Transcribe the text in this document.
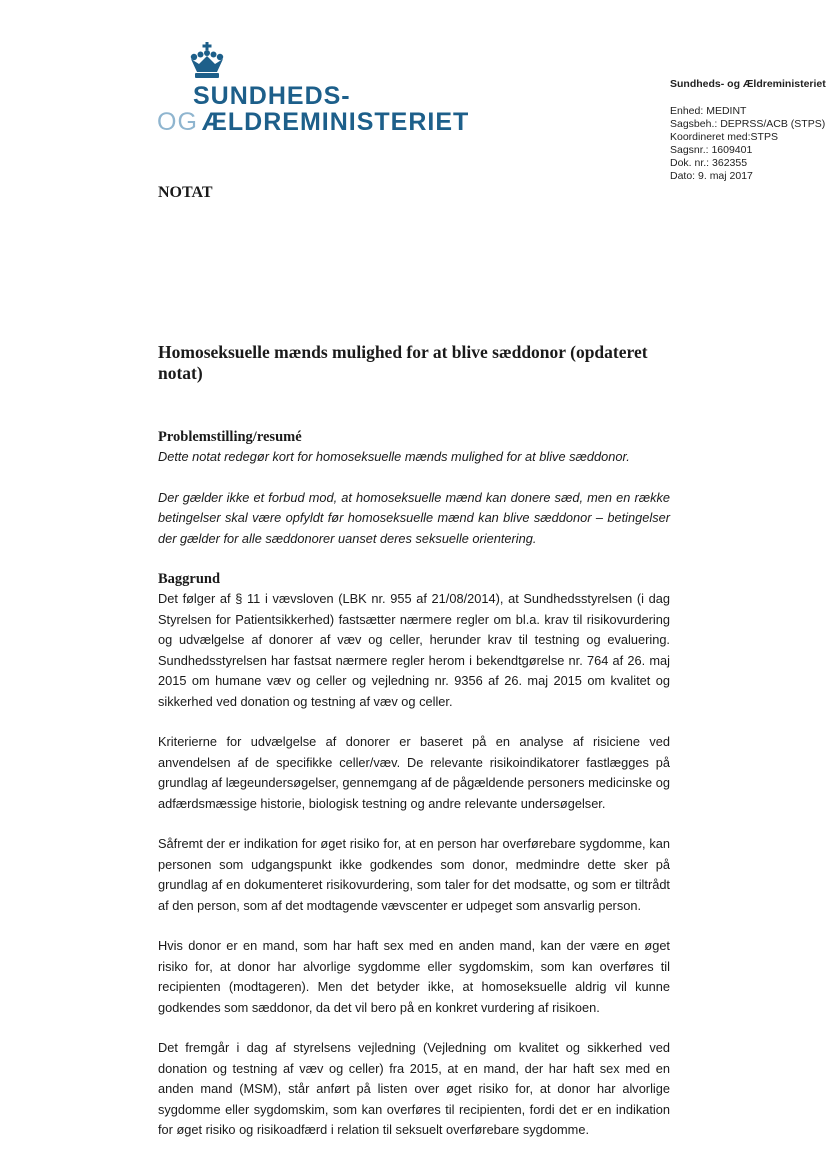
SUNDHEDS-
OG ÆLDREMINISTERIET
Sundheds- og Ældreministeriet
Enhed: MEDINT
Sagsbeh.: DEPRSS/ACB (STPS)
Koordineret med:STPS
Sagsnr.: 1609401
Dok. nr.: 362355
Dato: 9. maj 2017
NOTAT
Homoseksuelle mænds mulighed for at blive sæddonor (opdateret notat)
Problemstilling/resumé

Dette notat redegør kort for homoseksuelle mænds mulighed for at blive sæddonor.

Der gælder ikke et forbud mod, at homoseksuelle mænd kan donere sæd, men en række betingelser skal være opfyldt før homoseksuelle mænd kan blive sæddonor – betingelser der gælder for alle sæddonorer uanset deres seksuelle orientering.

Baggrund

Det følger af § 11 i vævsloven (LBK nr. 955 af 21/08/2014), at Sundhedsstyrelsen (i dag Styrelsen for Patientsikkerhed) fastsætter nærmere regler om bl.a. krav til risikovurdering og udvælgelse af donorer af væv og celler, herunder krav til testning og evaluering. Sundhedsstyrelsen har fastsat nærmere regler herom i bekendtgørelse nr. 764 af 26. maj 2015 om humane væv og celler og vejledning nr. 9356 af 26. maj 2015 om kvalitet og sikkerhed ved donation og testning af væv og celler.

Kriterierne for udvælgelse af donorer er baseret på en analyse af risiciene ved anvendelsen af de specifikke celler/væv. De relevante risikoindikatorer fastlægges på grundlag af lægeundersøgelser, gennemgang af de pågældende personers medicinske og adfærdsmæssige historie, biologisk testning og andre relevante undersøgelser.

Såfremt der er indikation for øget risiko for, at en person har overførebare sygdomme, kan personen som udgangspunkt ikke godkendes som donor, medmindre dette sker på grundlag af en dokumenteret risikovurdering, som taler for det modsatte, og som er tiltrådt af den person, som af det modtagende vævscenter er udpeget som ansvarlig person.

Hvis donor er en mand, som har haft sex med en anden mand, kan der være en øget risiko for, at donor har alvorlige sygdomme eller sygdomskim, som kan overføres til recipienten (modtageren). Men det betyder ikke, at homoseksuelle aldrig vil kunne godkendes som sæddonor, da det vil bero på en konkret vurdering af risikoen.

Det fremgår i dag af styrelsens vejledning (Vejledning om kvalitet og sikkerhed ved donation og testning af væv og celler) fra 2015, at en mand, der har haft sex med en anden mand (MSM), står anført på listen over øget risiko for, at donor har alvorlige sygdomme eller sygdomskim, som kan overføres til recipienten, fordi det er en indikation for øget risiko og risikoadfærd i relation til seksuelt overførebare sygdomme.
